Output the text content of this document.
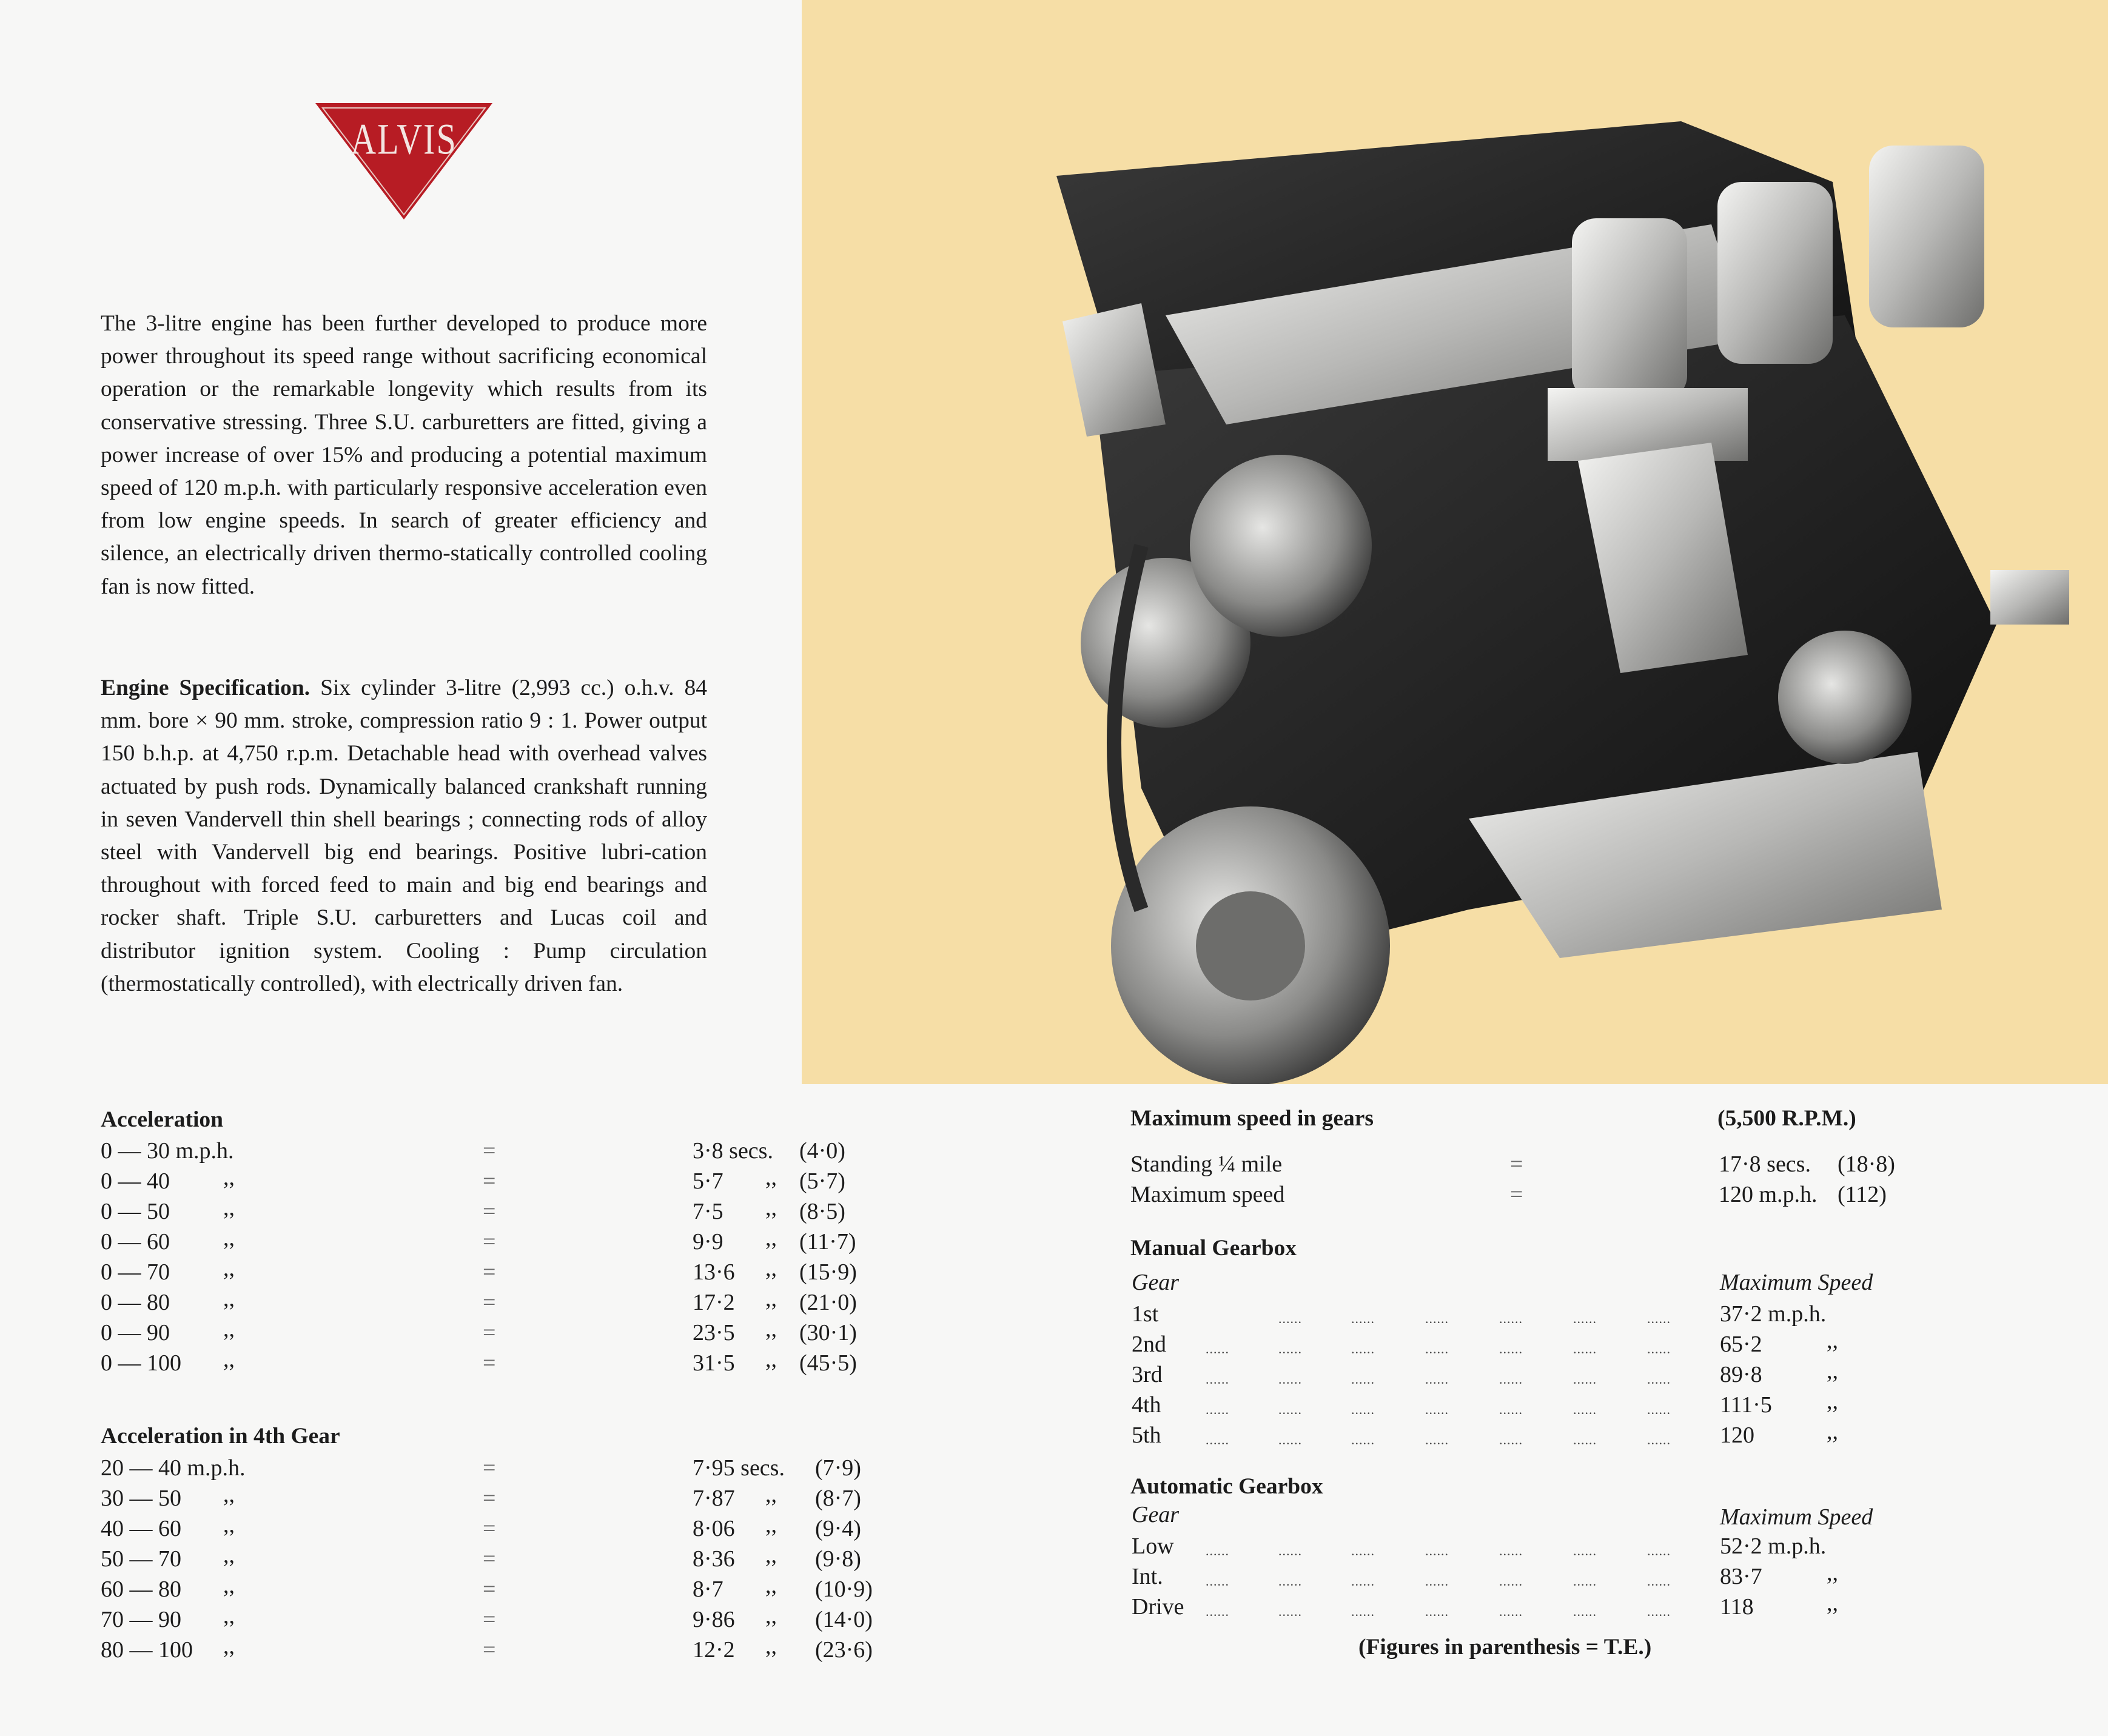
ALVIS

The 3-litre engine has been further developed to produce more power throughout its speed range without sacrificing economical operation or the remarkable longevity which results from its conservative stressing. Three S.U. carburetters are fitted, giving a power increase of over 15% and producing a potential maximum speed of 120 m.p.h. with particularly responsive acceleration even from low engine speeds. In search of greater efficiency and silence, an electrically driven thermo-statically controlled cooling fan is now fitted.

Engine Specification. Six cylinder 3-litre (2,993 cc.) o.h.v. 84 mm. bore × 90 mm. stroke, compression ratio 9 : 1. Power output 150 b.h.p. at 4,750 r.p.m. Detachable head with overhead valves actuated by push rods. Dynamically balanced crankshaft running in seven Vandervell thin shell bearings ; connecting rods of alloy steel with Vandervell big end bearings. Positive lubri-cation throughout with forced feed to main and big end bearings and rocker shaft. Triple S.U. carburetters and Lucas coil and distributor ignition system. Cooling : Pump circulation (thermostatically controlled), with electrically driven fan.

Acceleration
0 — 30 m.p.h.	=	3·8 secs. (4·0)
0 — 40 ,,	=	5·7 ,, (5·7)
0 — 50 ,,	=	7·5 ,, (8·5)
0 — 60 ,,	=	9·9 ,, (11·7)
0 — 70 ,,	=	13·6 ,, (15·9)
0 — 80 ,,	=	17·2 ,, (21·0)
0 — 90 ,,	=	23·5 ,, (30·1)
0 — 100 ,,	=	31·5 ,, (45·5)
Acceleration in 4th Gear
20 — 40 m.p.h.	=	7·95 secs. (7·9)
30 — 50 ,,	=	7·87 ,, (8·7)
40 — 60 ,,	=	8·06 ,, (9·4)
50 — 70 ,,	=	8·36 ,, (9·8)
60 — 80 ,,	=	8·7 ,, (10·9)
70 — 90 ,,	=	9·86 ,, (14·0)
80 — 100 ,,	=	12·2 ,, (23·6)
Maximum speed in gears	(5,500 R.P.M.)
Standing ¼ mile	=	17·8 secs. (18·8)
Maximum speed	=	120 m.p.h. (112)
Manual Gearbox
Gear	Maximum Speed
1st	......	......	......	......	......	...... 37·2 m.p.h.
2nd	......	......	......	......	......	......	...... 65·2	,,
3rd	......	......	......	......	......	......	...... 89·8	,,
4th	......	......	......	......	......	......	...... 111·5 ,,
5th	......	......	......	......	......	......	...... 120	,,
Automatic Gearbox
Gear	Maximum Speed
Low ......	......	......	......	......	......	...... 52·2 m.p.h.
Int.	......	......	......	......	......	......	...... 83·7	,,
Drive ......	......	......	......	......	......	...... 118	,,
(Figures in parenthesis = T.E.)
